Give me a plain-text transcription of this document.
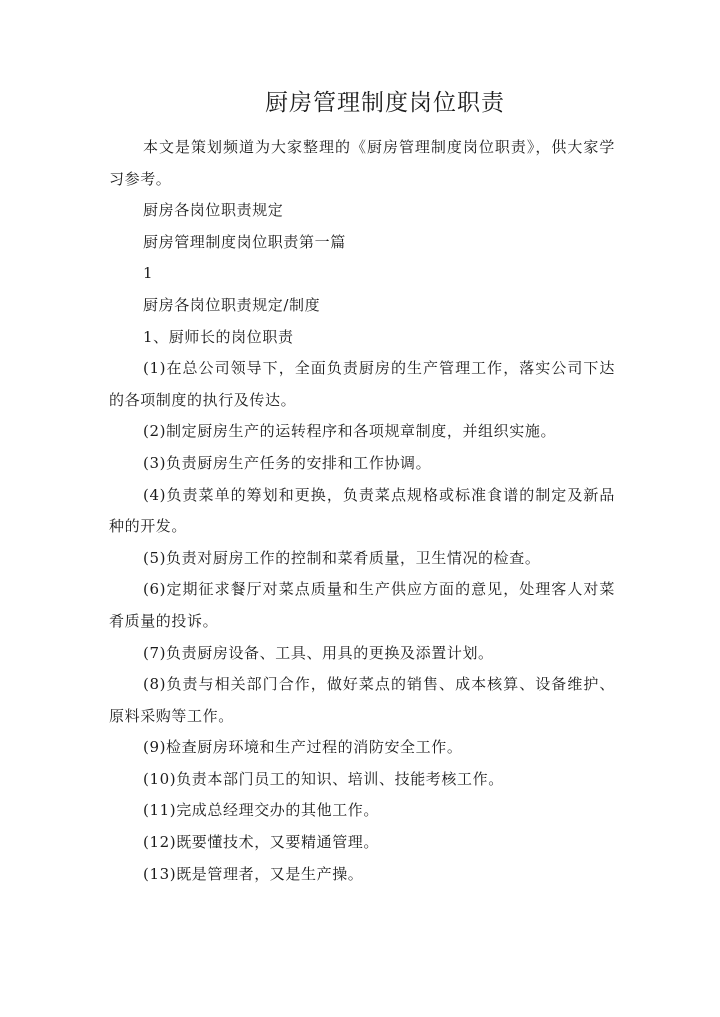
厨房管理制度岗位职责

本文是策划频道为大家整理的《厨房管理制度岗位职责》，供大家学习参考。

厨房各岗位职责规定

厨房管理制度岗位职责第一篇

1

厨房各岗位职责规定/制度

1、厨师长的岗位职责

(1)在总公司领导下，全面负责厨房的生产管理工作，落实公司下达的各项制度的执行及传达。

(2)制定厨房生产的运转程序和各项规章制度，并组织实施。

(3)负责厨房生产任务的安排和工作协调。

(4)负责菜单的筹划和更换，负责菜点规格或标准食谱的制定及新品种的开发。

(5)负责对厨房工作的控制和菜肴质量，卫生情况的检查。

(6)定期征求餐厅对菜点质量和生产供应方面的意见，处理客人对菜肴质量的投诉。

(7)负责厨房设备、工具、用具的更换及添置计划。

(8)负责与相关部门合作，做好菜点的销售、成本核算、设备维护、原料采购等工作。

(9)检查厨房环境和生产过程的消防安全工作。

(10)负责本部门员工的知识、培训、技能考核工作。

(11)完成总经理交办的其他工作。

(12)既要懂技术，又要精通管理。

(13)既是管理者，又是生产操。
